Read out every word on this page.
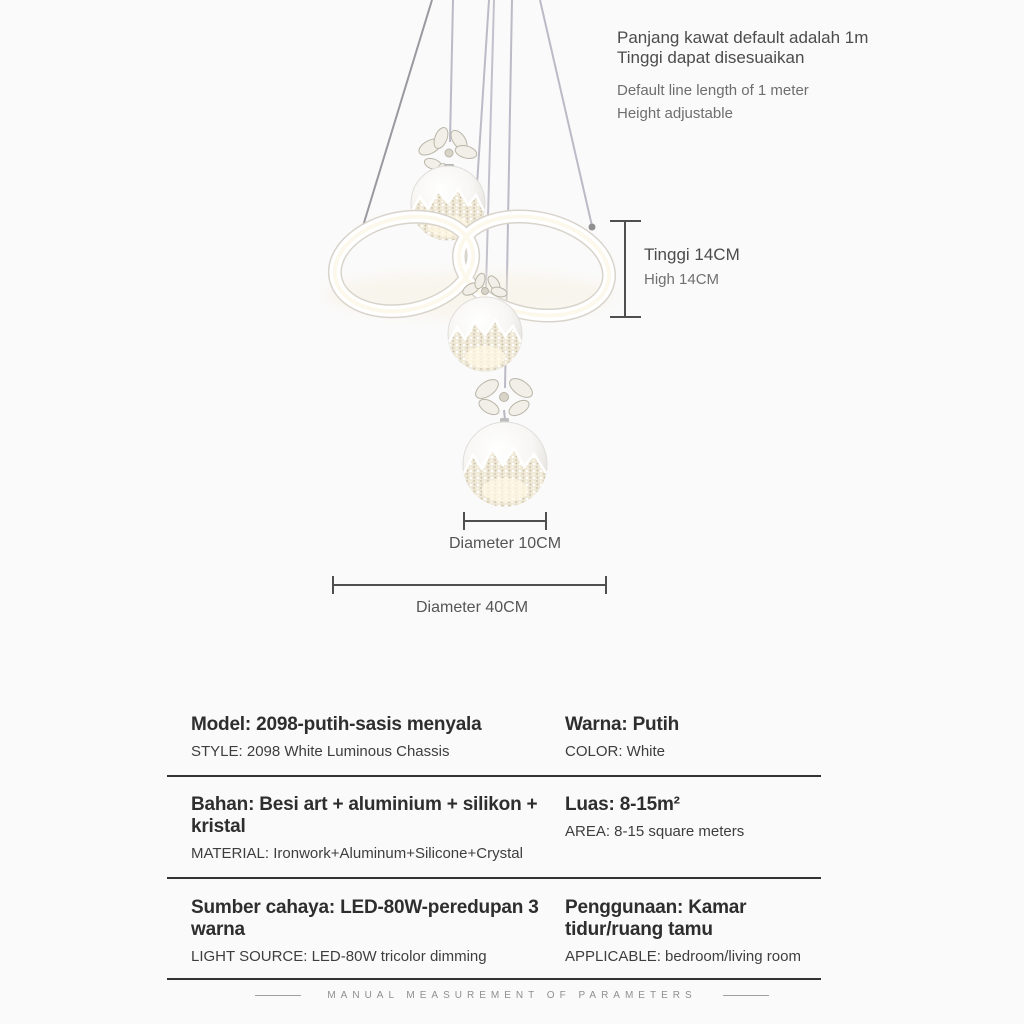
Panjang kawat default adalah 1m
Tinggi dapat disesuaikan
Default line length of 1 meter
Height adjustable
Tinggi 14CM
High 14CM
Diameter 10CM
Diameter 40CM
Model: 2098-putih-sasis menyala
STYLE: 2098 White Luminous Chassis
Warna: Putih
COLOR: White
Bahan: Besi art + aluminium + silikon + kristal
MATERIAL: Ironwork+Aluminum+Silicone+Crystal
Luas: 8-15m²
AREA: 8-15 square meters
Sumber cahaya: LED-80W-peredupan 3 warna
LIGHT SOURCE: LED-80W tricolor dimming
Penggunaan: Kamar tidur/ruang tamu
APPLICABLE: bedroom/living room
MANUAL MEASUREMENT OF PARAMETERS
